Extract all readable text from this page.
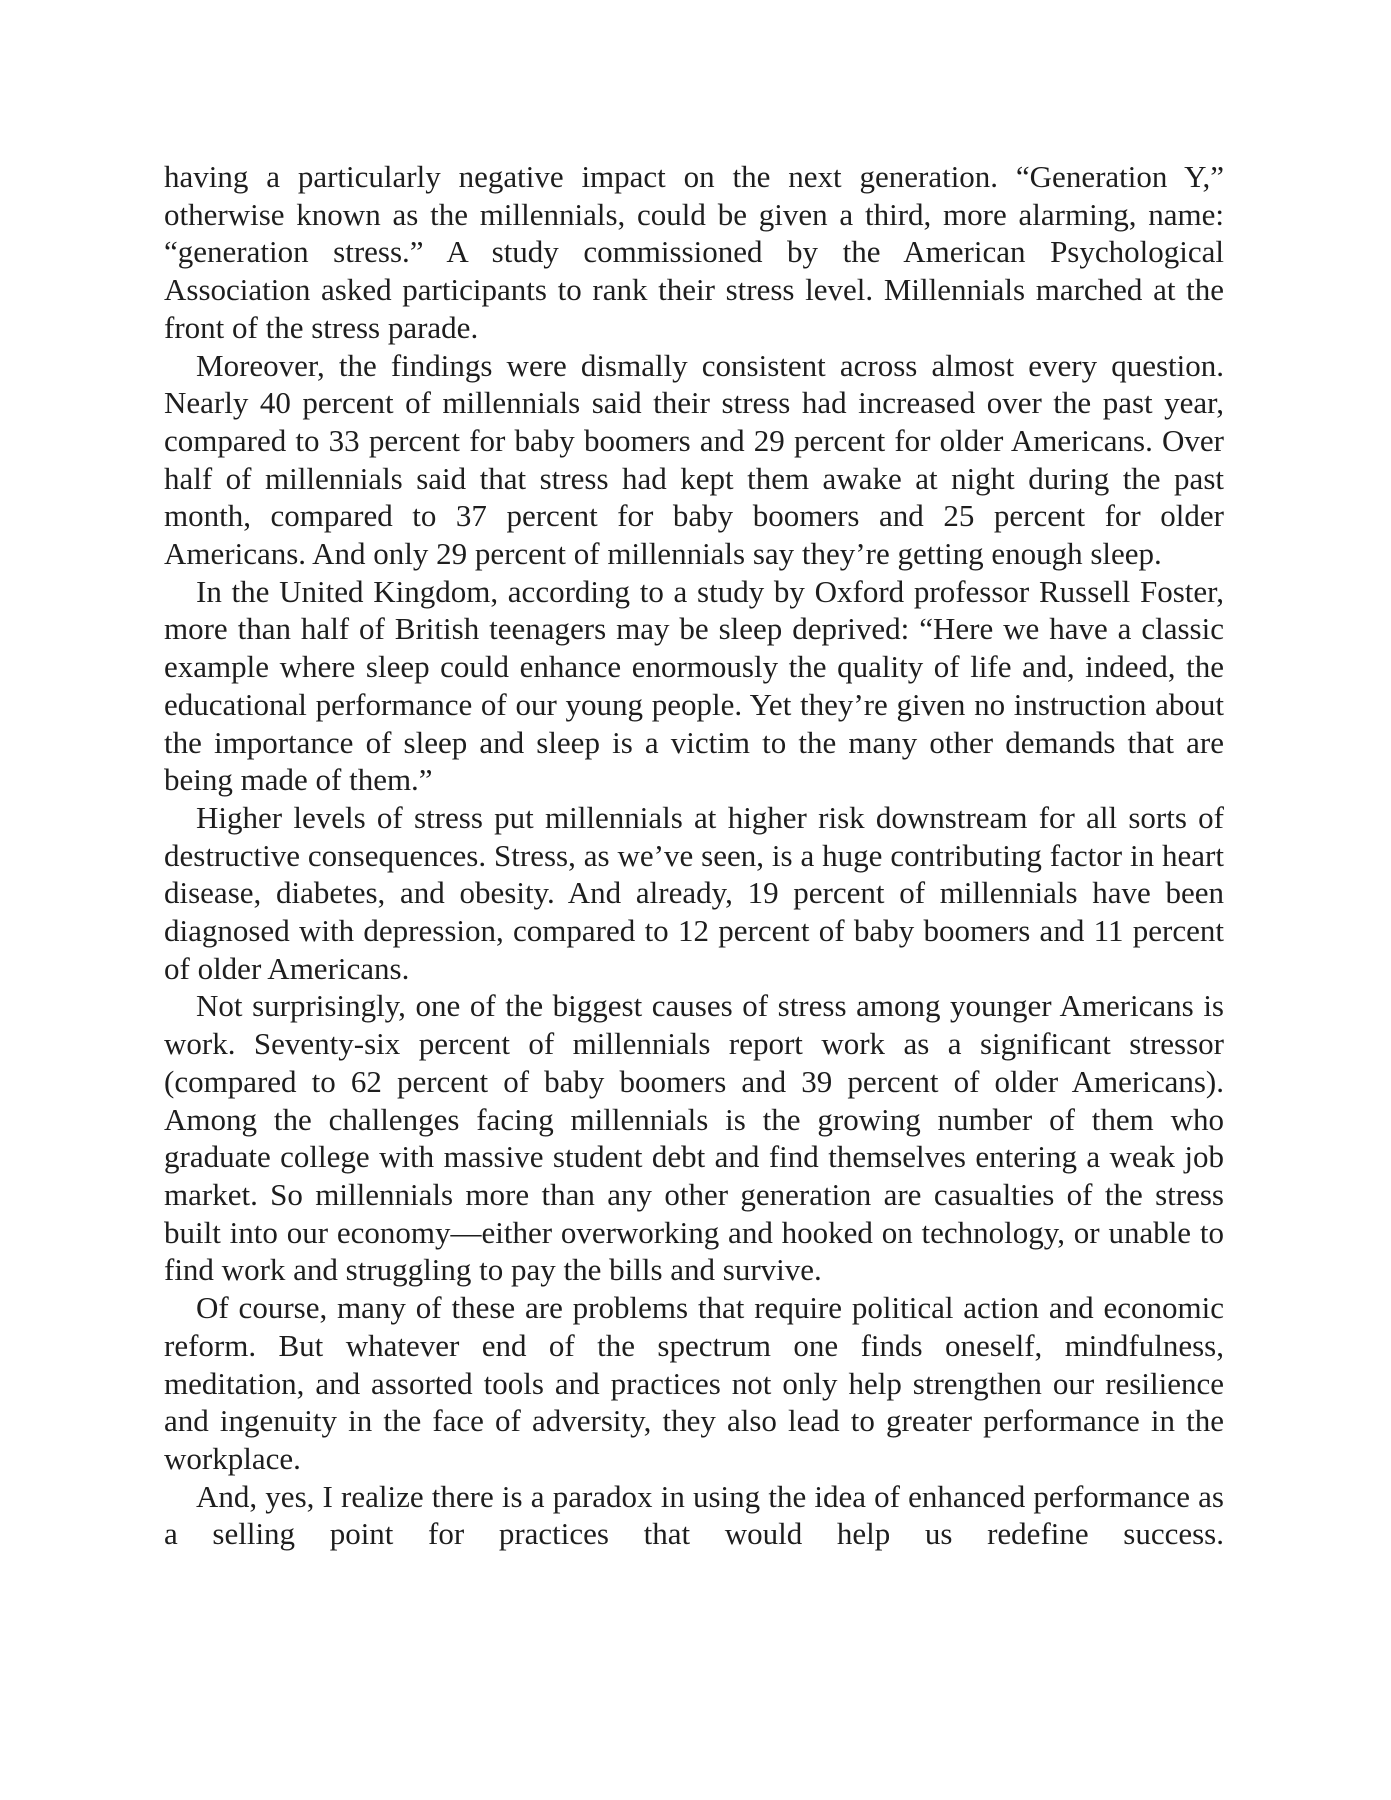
having a particularly negative impact on the next generation. “Generation Y,” otherwise known as the millennials, could be given a third, more alarming, name: “generation stress.” A study commissioned by the American Psychological Association asked participants to rank their stress level. Millennials marched at the front of the stress parade.

Moreover, the findings were dismally consistent across almost every question. Nearly 40 percent of millennials said their stress had increased over the past year, compared to 33 percent for baby boomers and 29 percent for older Americans. Over half of millennials said that stress had kept them awake at night during the past month, compared to 37 percent for baby boomers and 25 percent for older Americans. And only 29 percent of millennials say they’re getting enough sleep.

In the United Kingdom, according to a study by Oxford professor Russell Foster, more than half of British teenagers may be sleep deprived: “Here we have a classic example where sleep could enhance enormously the quality of life and, indeed, the educational performance of our young people. Yet they’re given no instruction about the importance of sleep and sleep is a victim to the many other demands that are being made of them.”

Higher levels of stress put millennials at higher risk downstream for all sorts of destructive consequences. Stress, as we’ve seen, is a huge contributing factor in heart disease, diabetes, and obesity. And already, 19 percent of millennials have been diagnosed with depression, compared to 12 percent of baby boomers and 11 percent of older Americans.

Not surprisingly, one of the biggest causes of stress among younger Americans is work. Seventy-six percent of millennials report work as a significant stressor (compared to 62 percent of baby boomers and 39 percent of older Americans). Among the challenges facing millennials is the growing number of them who graduate college with massive student debt and find themselves entering a weak job market. So millennials more than any other generation are casualties of the stress built into our economy—either overworking and hooked on technology, or unable to find work and struggling to pay the bills and survive.

Of course, many of these are problems that require political action and economic reform. But whatever end of the spectrum one finds oneself, mindfulness, meditation, and assorted tools and practices not only help strengthen our resilience and ingenuity in the face of adversity, they also lead to greater performance in the workplace.

And, yes, I realize there is a paradox in using the idea of enhanced performance as a selling point for practices that would help us redefine success.
